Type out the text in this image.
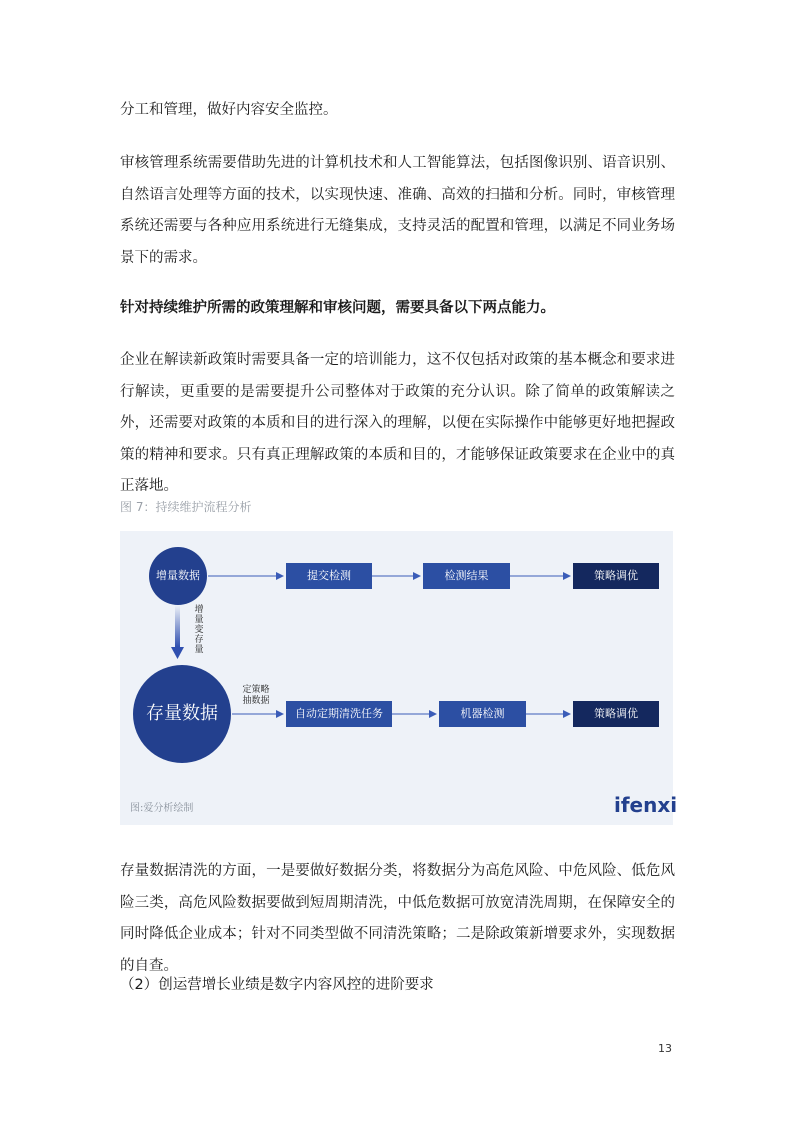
分工和管理，做好内容安全监控。

审核管理系统需要借助先进的计算机技术和人工智能算法，包括图像识别、语音识别、自然语言处理等方面的技术，以实现快速、准确、高效的扫描和分析。同时，审核管理系统还需要与各种应用系统进行无缝集成，支持灵活的配置和管理，以满足不同业务场景下的需求。

针对持续维护所需的政策理解和审核问题，需要具备以下两点能力。

企业在解读新政策时需要具备一定的培训能力，这不仅包括对政策的基本概念和要求进行解读，更重要的是需要提升公司整体对于政策的充分认识。除了简单的政策解读之外，还需要对政策的本质和目的进行深入的理解，以便在实际操作中能够更好地把握政策的精神和要求。只有真正理解政策的本质和目的，才能够保证政策要求在企业中的真正落地。

图 7：持续维护流程分析
增量数据
存量数据
增量变存量
定策略
抽数据
提交检测	检测结果	策略调优
自动定期清洗任务	机器检测	策略调优
图:爱分析绘制	ifenxi

存量数据清洗的方面，一是要做好数据分类，将数据分为高危风险、中危风险、低危风险三类，高危风险数据要做到短周期清洗，中低危数据可放宽清洗周期，在保障安全的同时降低企业成本；针对不同类型做不同清洗策略；二是除政策新增要求外，实现数据的自查。

（2）创运营增长业绩是数字内容风控的进阶要求
13
